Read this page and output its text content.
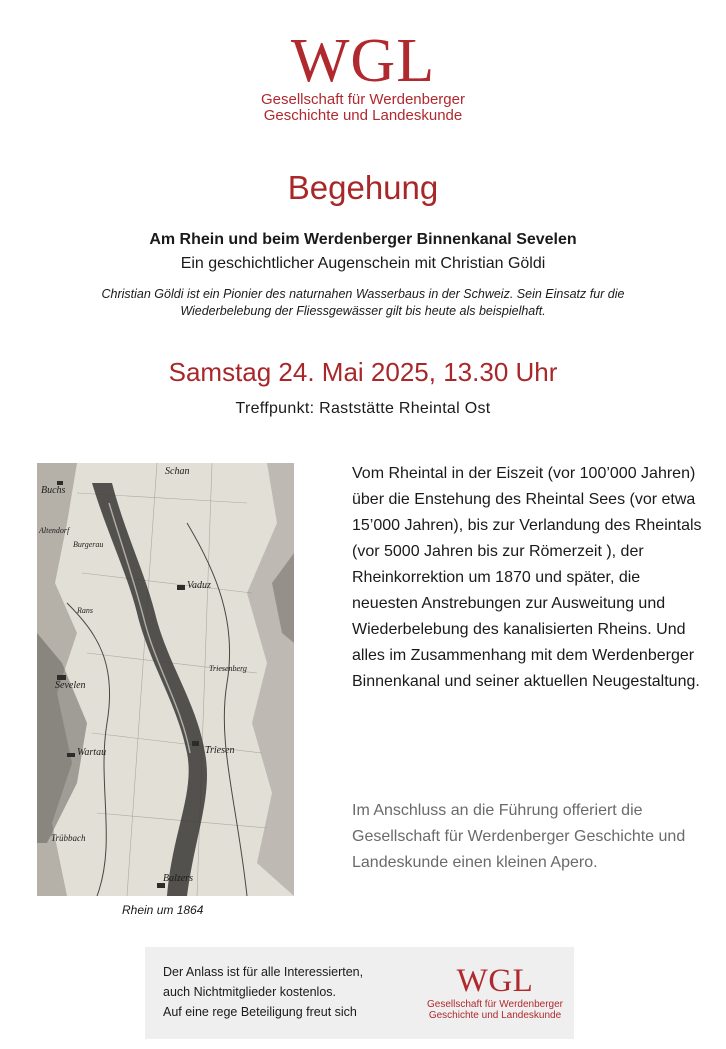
WGL
Gesellschaft für Werdenberger
Geschichte und Landeskunde
Begehung
Am Rhein und beim Werdenberger Binnenkanal Sevelen
Ein geschichtlicher Augenschein mit Christian Göldi
Christian Göldi ist ein Pionier des naturnahen Wasserbaus in der Schweiz. Sein Einsatz fur die Wiederbelebung der Fliessgewässer gilt bis heute als beispielhaft.
Samstag 24. Mai 2025, 13.30 Uhr
Treffpunkt: Raststätte Rheintal Ost
Schan
Buchs
Altendorf
Burgerau
Vaduz
Rans
Sevelen
Triesenberg
Wartau	Triesen
Trübbach
Balzers
Rhein um 1864
Vom Rheintal in der Eiszeit (vor 100’000 Jahren) über die Enstehung des Rheintal Sees (vor etwa 15’000 Jahren), bis zur Verlandung des Rheintals (vor 5000 Jahren bis zur Römerzeit ), der Rheinkorrektion um 1870 und später, die neuesten Anstrebungen zur Ausweitung und Wiederbelebung des kanalisierten Rheins. Und alles im Zusammenhang mit dem Werdenberger Binnenkanal und seiner aktuellen Neugestaltung.
Im Anschluss an die Führung offeriert die Gesellschaft für Werdenberger Geschichte und Landeskunde einen kleinen Apero.
Der Anlass ist für alle Interessierten,
auch Nichtmitglieder kostenlos.
Auf eine rege Beteiligung freut sich
WGL
Gesellschaft für Werdenberger
Geschichte und Landeskunde
